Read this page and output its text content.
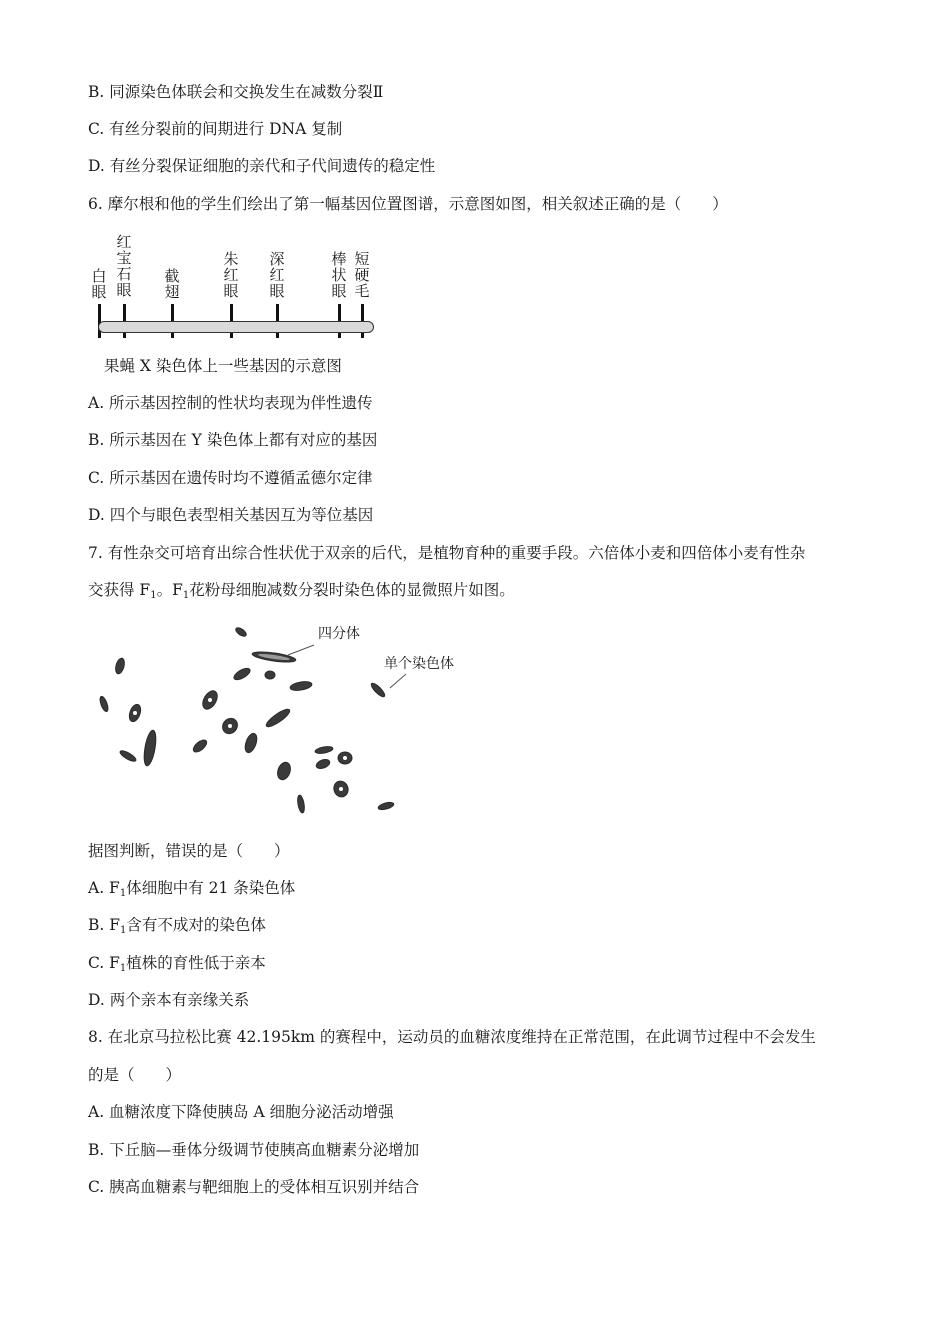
B. 同源染色体联会和交换发生在减数分裂Ⅱ
C. 有丝分裂前的间期进行 DNA 复制
D. 有丝分裂保证细胞的亲代和子代间遗传的稳定性
6. 摩尔根和他的学生们绘出了第一幅基因位置图谱，示意图如图，相关叙述正确的是（　　）
白眼
红宝石眼
截翅
朱红眼
深红眼
棒状眼
短硬毛
果蝇 X 染色体上一些基因的示意图
A. 所示基因控制的性状均表现为伴性遗传
B. 所示基因在 Y 染色体上都有对应的基因
C. 所示基因在遗传时均不遵循孟德尔定律
D. 四个与眼色表型相关基因互为等位基因
7. 有性杂交可培育出综合性状优于双亲的后代，是植物育种的重要手段。六倍体小麦和四倍体小麦有性杂
交获得 $F_1$。$F_1$花粉母细胞减数分裂时染色体的显微照片如图。
四分体
单个染色体
据图判断，错误的是（　　）
A. $F_1$体细胞中有 21 条染色体
B. $F_1$含有不成对的染色体
C. $F_1$植株的育性低于亲本
D. 两个亲本有亲缘关系
8. 在北京马拉松比赛 42.195km 的赛程中，运动员的血糖浓度维持在正常范围，在此调节过程中不会发生
的是（　　）
A. 血糖浓度下降使胰岛 A 细胞分泌活动增强
B. 下丘脑—垂体分级调节使胰高血糖素分泌增加
C. 胰高血糖素与靶细胞上的受体相互识别并结合
